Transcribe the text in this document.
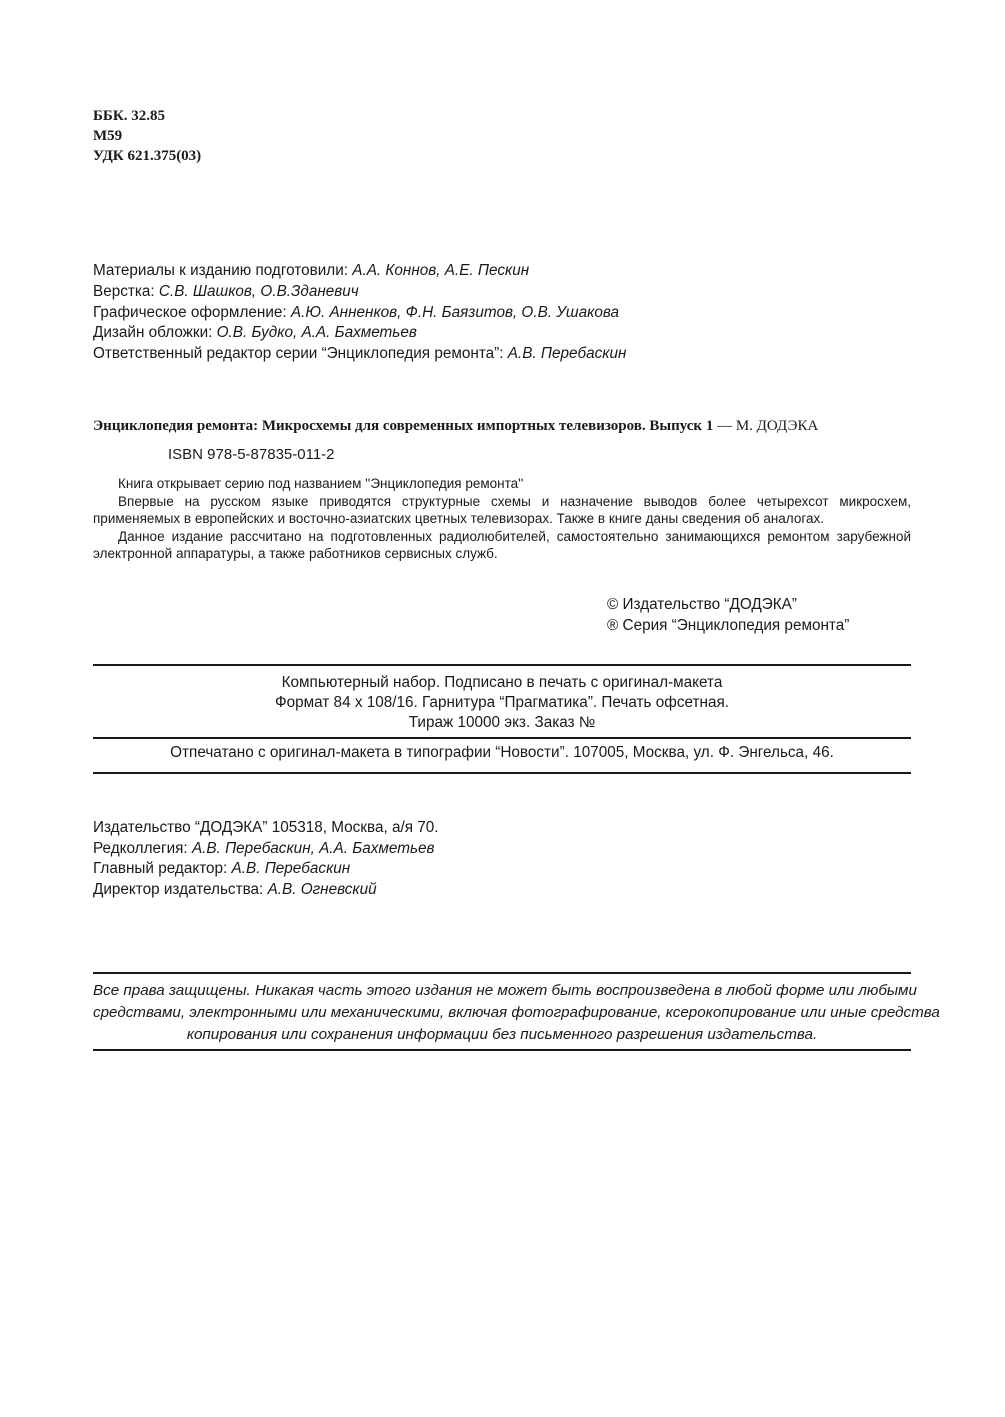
ББК. 32.85
М59
УДК 621.375(03)
Материалы к изданию подготовили: А.А. Коннов, А.Е. Пескин
Верстка: С.В. Шашков, О.В.Зданевич
Графическое оформление: А.Ю. Анненков, Ф.Н. Баязитов, О.В. Ушакова
Дизайн обложки: О.В. Будко, А.А. Бахметьев
Ответственный редактор серии “Энциклопедия ремонта”: А.В. Перебаскин
Энциклопедия ремонта: Микросхемы для современных импортных телевизоров. Выпуск 1 — М. ДОДЭКА
ISBN 978-5-87835-011-2

Книга открывает серию под названием ''Энциклопедия ремонта''

Впервые на русском языке приводятся структурные схемы и назначение выводов более четырехсот микросхем, применяемых в европейских и восточно-азиатских цветных телевизорах. Также в книге даны сведения об аналогах.

Данное издание рассчитано на подготовленных радиолюбителей, самостоятельно занимающихся ремонтом зарубежной электронной аппаратуры, а также работников сервисных служб.

© Издательство “ДОДЭКА”
® Серия “Энциклопедия ремонта”
Компьютерный набор. Подписано в печать с оригинал-макета
Формат 84 х 108/16. Гарнитура “Прагматика”. Печать офсетная.
Тираж 10000 экз. Заказ №
Отпечатано с оригинал-макета в типографии “Новости”. 107005, Москва, ул. Ф. Энгельса, 46.
Издательство “ДОДЭКА” 105318, Москва, а/я 70.
Редколлегия: А.В. Перебаскин, А.А. Бахметьев
Главный редактор: А.В. Перебаскин
Директор издательства: А.В. Огневский
Все права защищены. Никакая часть этого издания не может быть воспроизведена в любой форме или любыми
средствами, электронными или механическими, включая фотографирование, ксерокопирование или иные средства
копирования или сохранения информации без письменного разрешения издательства.
